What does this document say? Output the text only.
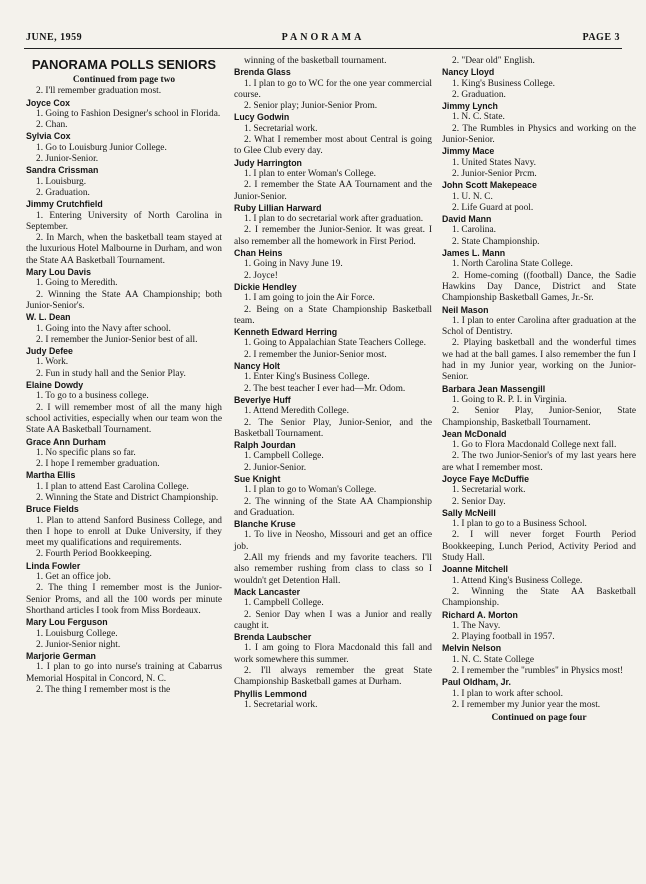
JUNE, 1959	PANORAMA	PAGE 3
PANORAMA POLLS SENIORS
Continued from page two
2. I'll remember graduation most.
Joyce Cox
1. Going to Fashion Designer's school in Florida.
2. Chan.
Sylvia Cox
1. Go to Louisburg Junior College.
2. Junior-Senior.
Sandra Crissman
1. Louisburg.
2. Graduation.
Jimmy Crutchfield
1. Entering University of North Carolina in September.
2. In March, when the basketball team stayed at the luxurious Hotel Malbourne in Durham, and won the State AA Basketball Tournament.
Mary Lou Davis
1. Going to Meredith.
2. Winning the State AA Championship; both Junior-Senior's.
W. L. Dean
1. Going into the Navy after school.
2. I remember the Junior-Senior best of all.
Judy Defee
1. Work.
2. Fun in study hall and the Senior Play.
Elaine Dowdy
1. To go to a business college.
2. I will remember most of all the many high school activities, especially when our team won the State AA Basketball Tournament.
Grace Ann Durham
1. No specific plans so far.
2. I hope I remember graduation.
Martha Ellis
1. I plan to attend East Carolina College.
2. Winning the State and District Championship.
Bruce Fields
1. Plan to attend Sanford Business College, and then I hope to enroll at Duke University, if they meet my qualifications and requirements.
2. Fourth Period Bookkeeping.
Linda Fowler
1. Get an office job.
2. The thing I remember most is the Junior-Senior Proms, and all the 100 words per minute Shorthand articles I took from Miss Bordeaux.
Mary Lou Ferguson
1. Louisburg College.
2. Junior-Senior night.
Marjorie German
1. I plan to go into nurse's training at Cabarrus Memorial Hospital in Concord, N. C.
2. The thing I remember most is the
winning of the basketball tournament.
Brenda Glass
1. I plan to go to WC for the one year commercial course.
2. Senior play; Junior-Senior Prom.
Lucy Godwin
1. Secretarial work.
2. What I remember most about Central is going to Glee Club every day.
Judy Harrington
1. I plan to enter Woman's College.
2. I remember the State AA Tournament and the Junior-Senior.
Ruby Lillian Harward
1. I plan to do secretarial work after graduation.
2. I remember the Junior-Senior. It was great. I also remember all the homework in First Period.
Chan Heins
1. Going in Navy June 19.
2. Joyce!
Dickie Hendley
1. I am going to join the Air Force.
2. Being on a State Championship Basketball team.
Kenneth Edward Herring
1. Going to Appalachian State Teachers College.
2. I remember the Junior-Senior most.
Nancy Holt
1. Enter King's Business College.
2. The best teacher I ever had—Mr. Odom.
Beverlye Huff
1. Attend Meredith College.
2. The Senior Play, Junior-Senior, and the Basketball Tournament.
Ralph Jourdan
1. Campbell College.
2. Junior-Senior.
Sue Knight
1. I plan to go to Woman's College.
2. The winning of the State AA Championship and Graduation.
Blanche Kruse
1. To live in Neosho, Missouri and get an office job.
2.All my friends and my favorite teachers. I'll also remember rushing from class to class so I wouldn't get Detention Hall.
Mack Lancaster
1. Campbell College.
2. Senior Day when I was a Junior and really caught it.
Brenda Laubscher
1. I am going to Flora Macdonald this fall and work somewhere this summer.
2. I'll always remember the great State Championship Basketball games at Durham.
Phyllis Lemmond
1. Secretarial work.
2. "Dear old" English.
Nancy Lloyd
1. King's Business College.
2. Graduation.
Jimmy Lynch
1. N. C. State.
2. The Rumbles in Physics and working on the Junior-Senior.
Jimmy Mace
1. United States Navy.
2. Junior-Senior Prcm.
John Scott Makepeace
1. U. N. C.
2. Life Guard at pool.
David Mann
1. Carolina.
2. State Championship.
James L. Mann
1. North Carolina State College.
2. Home-coming ((football) Dance, the Sadie Hawkins Day Dance, District and State Championship Basketball Games, Jr.-Sr.
Neil Mason
1. I plan to enter Carolina after graduation at the Schol of Dentistry.
2. Playing basketball and the wonderful times we had at the ball games. I also remember the fun I had in my Junior year, working on the Junior-Senior.
Barbara Jean Massengill
1. Going to R. P. I. in Virginia.
2. Senior Play, Junior-Senior, State Championship, Basketball Tournament.
Jean McDonald
1. Go to Flora Macdonald College next fall.
2. The two Junior-Senior's of my last years here are what I remember most.
Joyce Faye McDuffie
1. Secretarial work.
2. Senior Day.
Sally McNeill
1. I plan to go to a Business School.
2. I will never forget Fourth Period Bookkeeping, Lunch Period, Activity Period and Study Hall.
Joanne Mitchell
1. Attend King's Business College.
2. Winning the State AA Basketball Championship.
Richard A. Morton
1. The Navy.
2. Playing football in 1957.
Melvin Nelson
1. N. C. State College
2. I remember the "rumbles" in Physics most!
Paul Oldham, Jr.
1. I plan to work after school.
2. I remember my Junior year the most.
Continued on page four
